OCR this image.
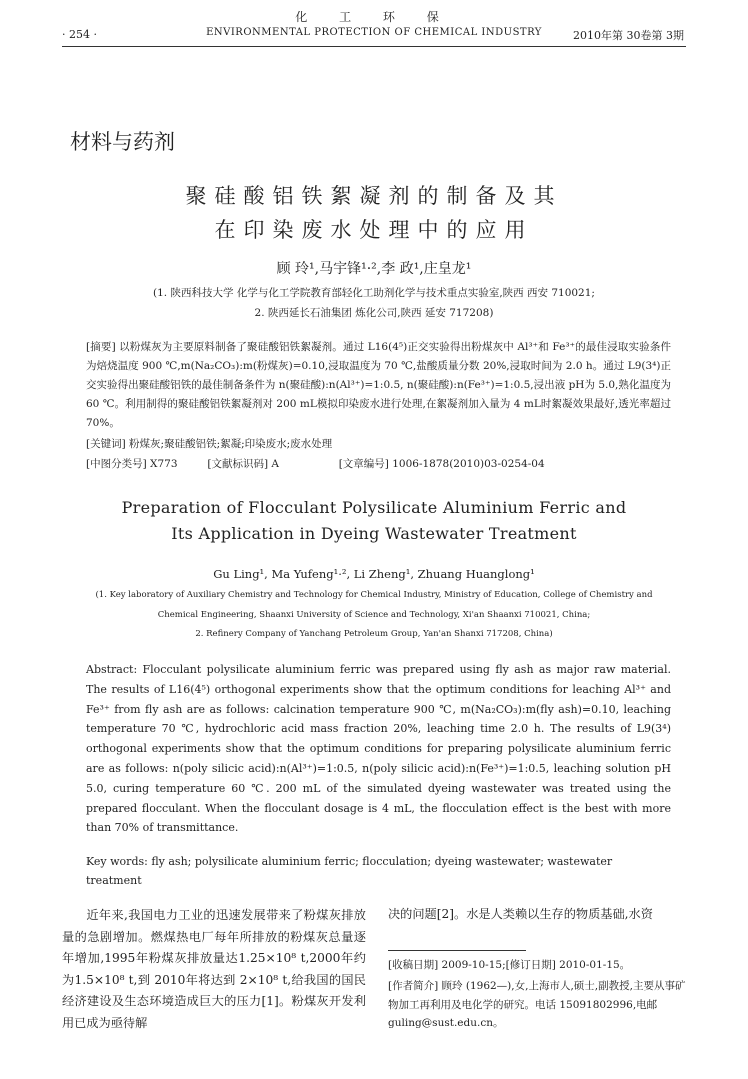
化 工 环 保
· 254 ·	ENVIRONMENTAL PROTECTION OF CHEMICAL INDUSTRY	2010年第 30卷第 3期
材料与药剂
聚硅酸铝铁絮凝剂的制备及其
在印染废水处理中的应用
顾 玲¹,马宇锋¹·²,李 政¹,庄皇龙¹
(1. 陕西科技大学 化学与化工学院教育部轻化工助剂化学与技术重点实验室,陕西 西安 710021;
2. 陕西延长石油集团 炼化公司,陕西 延安 717208)
[摘要] 以粉煤灰为主要原料制备了聚硅酸铝铁絮凝剂。通过 L16(4⁵)正交实验得出粉煤灰中 Al³⁺和 Fe³⁺的最佳浸取实验条件为焙烧温度 900 ℃,m(Na₂CO₃):m(粉煤灰)=0.10,浸取温度为 70 ℃,盐酸质量分数 20%,浸取时间为 2.0 h。通过 L9(3⁴)正交实验得出聚硅酸铝铁的最佳制备条件为 n(聚硅酸):n(Al³⁺)=1:0.5, n(聚硅酸):n(Fe³⁺)=1:0.5,浸出液 pH为 5.0,熟化温度为 60 ℃。利用制得的聚硅酸铝铁絮凝剂对 200 mL模拟印染废水进行处理,在絮凝剂加入量为 4 mL时絮凝效果最好,透光率超过 70%。
[关键词] 粉煤灰;聚硅酸铝铁;絮凝;印染废水;废水处理
[中图分类号] X773	[文献标识码] A	[文章编号] 1006-1878(2010)03-0254-04
Preparation of Flocculant Polysilicate Aluminium Ferric and
Its Application in Dyeing Wastewater Treatment
Gu Ling¹, Ma Yufeng¹·², Li Zheng¹, Zhuang Huanglong¹
(1. Key laboratory of Auxiliary Chemistry and Technology for Chemical Industry, Ministry of Education, College of Chemistry and
Chemical Engineering, Shaanxi University of Science and Technology, Xi'an Shaanxi 710021, China;
2. Refinery Company of Yanchang Petroleum Group, Yan'an Shanxi 717208, China)
Abstract: Flocculant polysilicate aluminium ferric was prepared using fly ash as major raw material. The results of L16(4⁵) orthogonal experiments show that the optimum conditions for leaching Al³⁺ and Fe³⁺ from fly ash are as follows: calcination temperature 900 ℃, m(Na₂CO₃):m(fly ash)=0.10, leaching temperature 70 ℃, hydrochloric acid mass fraction 20%, leaching time 2.0 h. The results of L9(3⁴) orthogonal experiments show that the optimum conditions for preparing polysilicate aluminium ferric are as follows: n(poly silicic acid):n(Al³⁺)=1:0.5, n(poly silicic acid):n(Fe³⁺)=1:0.5, leaching solution pH 5.0, curing temperature 60 ℃. 200 mL of the simulated dyeing wastewater was treated using the prepared flocculant. When the flocculant dosage is 4 mL, the flocculation effect is the best with more than 70% of transmittance.
Key words: fly ash; polysilicate aluminium ferric; flocculation; dyeing wastewater; wastewater treatment
近年来,我国电力工业的迅速发展带来了粉煤灰排放量的急剧增加。燃煤热电厂每年所排放的粉煤灰总量逐年增加,1995年粉煤灰排放量达1.25×10⁸ t,2000年约为1.5×10⁸ t,到 2010年将达到 2×10⁸ t,给我国的国民经济建设及生态环境造成巨大的压力[1]。粉煤灰开发利用已成为亟待解
决的问题[2]。水是人类赖以生存的物质基础,水资
[收稿日期] 2009-10-15;[修订日期] 2010-01-15。
[作者简介] 顾玲 (1962—),女,上海市人,硕士,副教授,主要从事矿物加工再利用及电化学的研究。电话 15091802996,电邮 guling@sust.edu.cn。
